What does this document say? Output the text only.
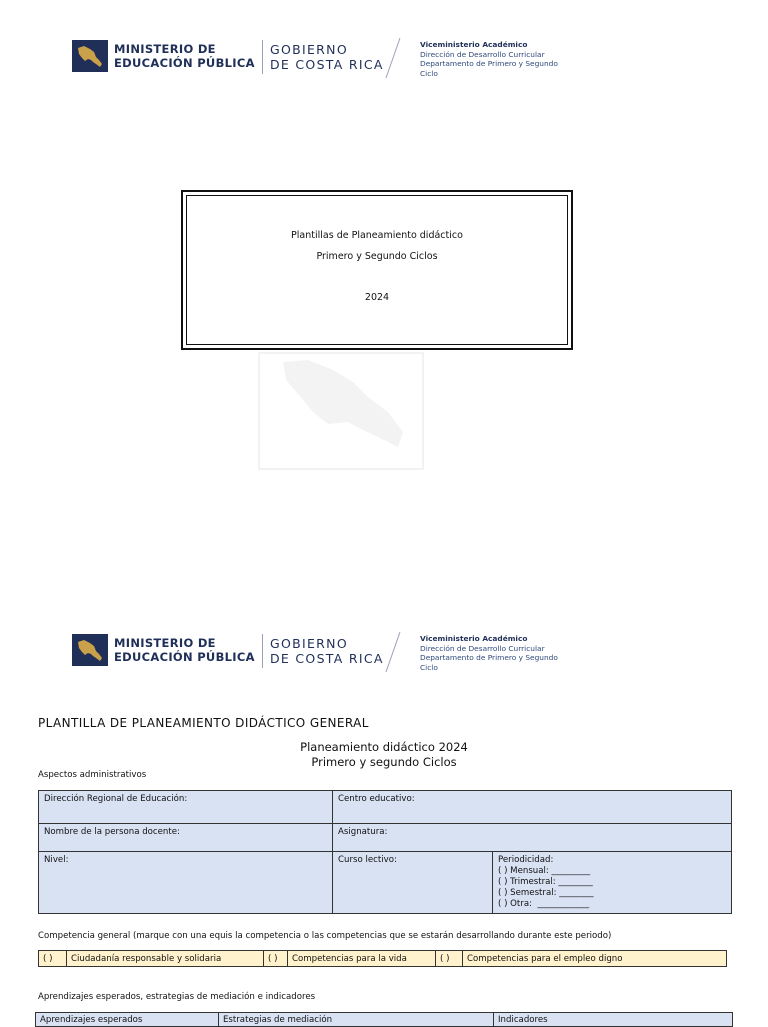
MINISTERIO DE
EDUCACIÓN PÚBLICA
GOBIERNO
DE COSTA RICA
Viceministerio Académico
Dirección de Desarrollo Curricular
Departamento de Primero y Segundo
Ciclo
Plantillas de Planeamiento didáctico
Primero y Segundo Ciclos
2024
MINISTERIO DE
EDUCACIÓN PÚBLICA
GOBIERNO
DE COSTA RICA
Viceministerio Académico
Dirección de Desarrollo Curricular
Departamento de Primero y Segundo
Ciclo
PLANTILLA DE PLANEAMIENTO DIDÁCTICO GENERAL
Planeamiento didáctico 2024
Primero y segundo Ciclos
Aspectos administrativos
Dirección Regional de Educación:	Centro educativo:	
Nombre de la persona docente:	Asignatura:	
Nivel:	Curso lectivo:	Periodicidad:
( ) Mensual: _________
( ) Trimestral: ________
( ) Semestral: ________
( ) Otra:  ____________
Competencia general (marque con una equis la competencia o las competencias que se estarán desarrollando durante este periodo)
( )	Ciudadanía responsable y solidaria	( )	Competencias para la vida	( )	Competencias para el empleo digno
Aprendizajes esperados, estrategias de mediación e indicadores
Aprendizajes esperados	Estrategias de mediación	Indicadores
